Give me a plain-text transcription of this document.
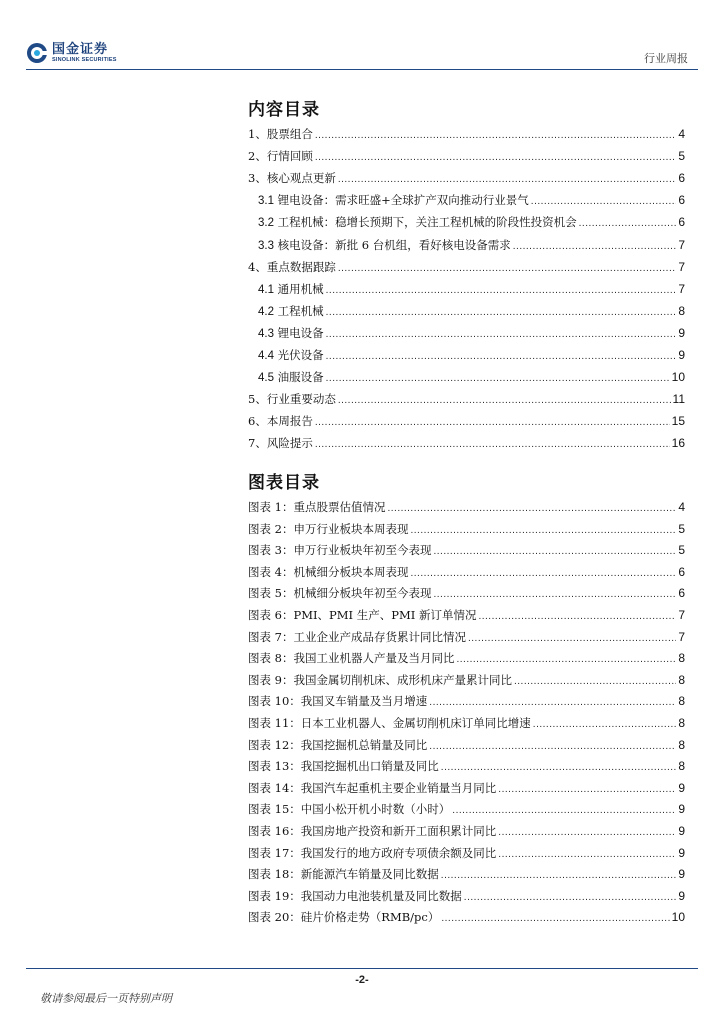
国金证券
SINOLINK SECURITIES	行业周报
内容目录
1、股票组合 .....	4
2、行情回顾 .....	5
3、核心观点更新 .....	6
3.1 锂电设备：需求旺盛+全球扩产双向推动行业景气 .....	6
3.2 工程机械：稳增长预期下，关注工程机械的阶段性投资机会 .....	6
3.3 核电设备：新批 6 台机组，看好核电设备需求 .....	7
4、重点数据跟踪 .....	7
4.1 通用机械 .....	7
4.2 工程机械 .....	8
4.3 锂电设备 .....	9
4.4 光伏设备 .....	9
4.5 油服设备 .....	10
5、行业重要动态 .....	11
6、本周报告 .....	15
7、风险提示 .....	16
图表目录
图表 1：重点股票估值情况 .....	4
图表 2：申万行业板块本周表现 .....	5
图表 3：申万行业板块年初至今表现 .....	5
图表 4：机械细分板块本周表现 .....	6
图表 5：机械细分板块年初至今表现 .....	6
图表 6：PMI、PMI 生产、PMI 新订单情况 .....	7
图表 7：工业企业产成品存货累计同比情况 .....	7
图表 8：我国工业机器人产量及当月同比 .....	8
图表 9：我国金属切削机床、成形机床产量累计同比 .....	8
图表 10：我国叉车销量及当月增速 .....	8
图表 11：日本工业机器人、金属切削机床订单同比增速 .....	8
图表 12：我国挖掘机总销量及同比 .....	8
图表 13：我国挖掘机出口销量及同比 .....	8
图表 14：我国汽车起重机主要企业销量当月同比 .....	9
图表 15：中国小松开机小时数（小时） .....	9
图表 16：我国房地产投资和新开工面积累计同比 .....	9
图表 17：我国发行的地方政府专项债余额及同比 .....	9
图表 18：新能源汽车销量及同比数据 .....	9
图表 19：我国动力电池装机量及同比数据 .....	9
图表 20：硅片价格走势（RMB/pc） .....	10
-2-
敬请参阅最后一页特别声明
